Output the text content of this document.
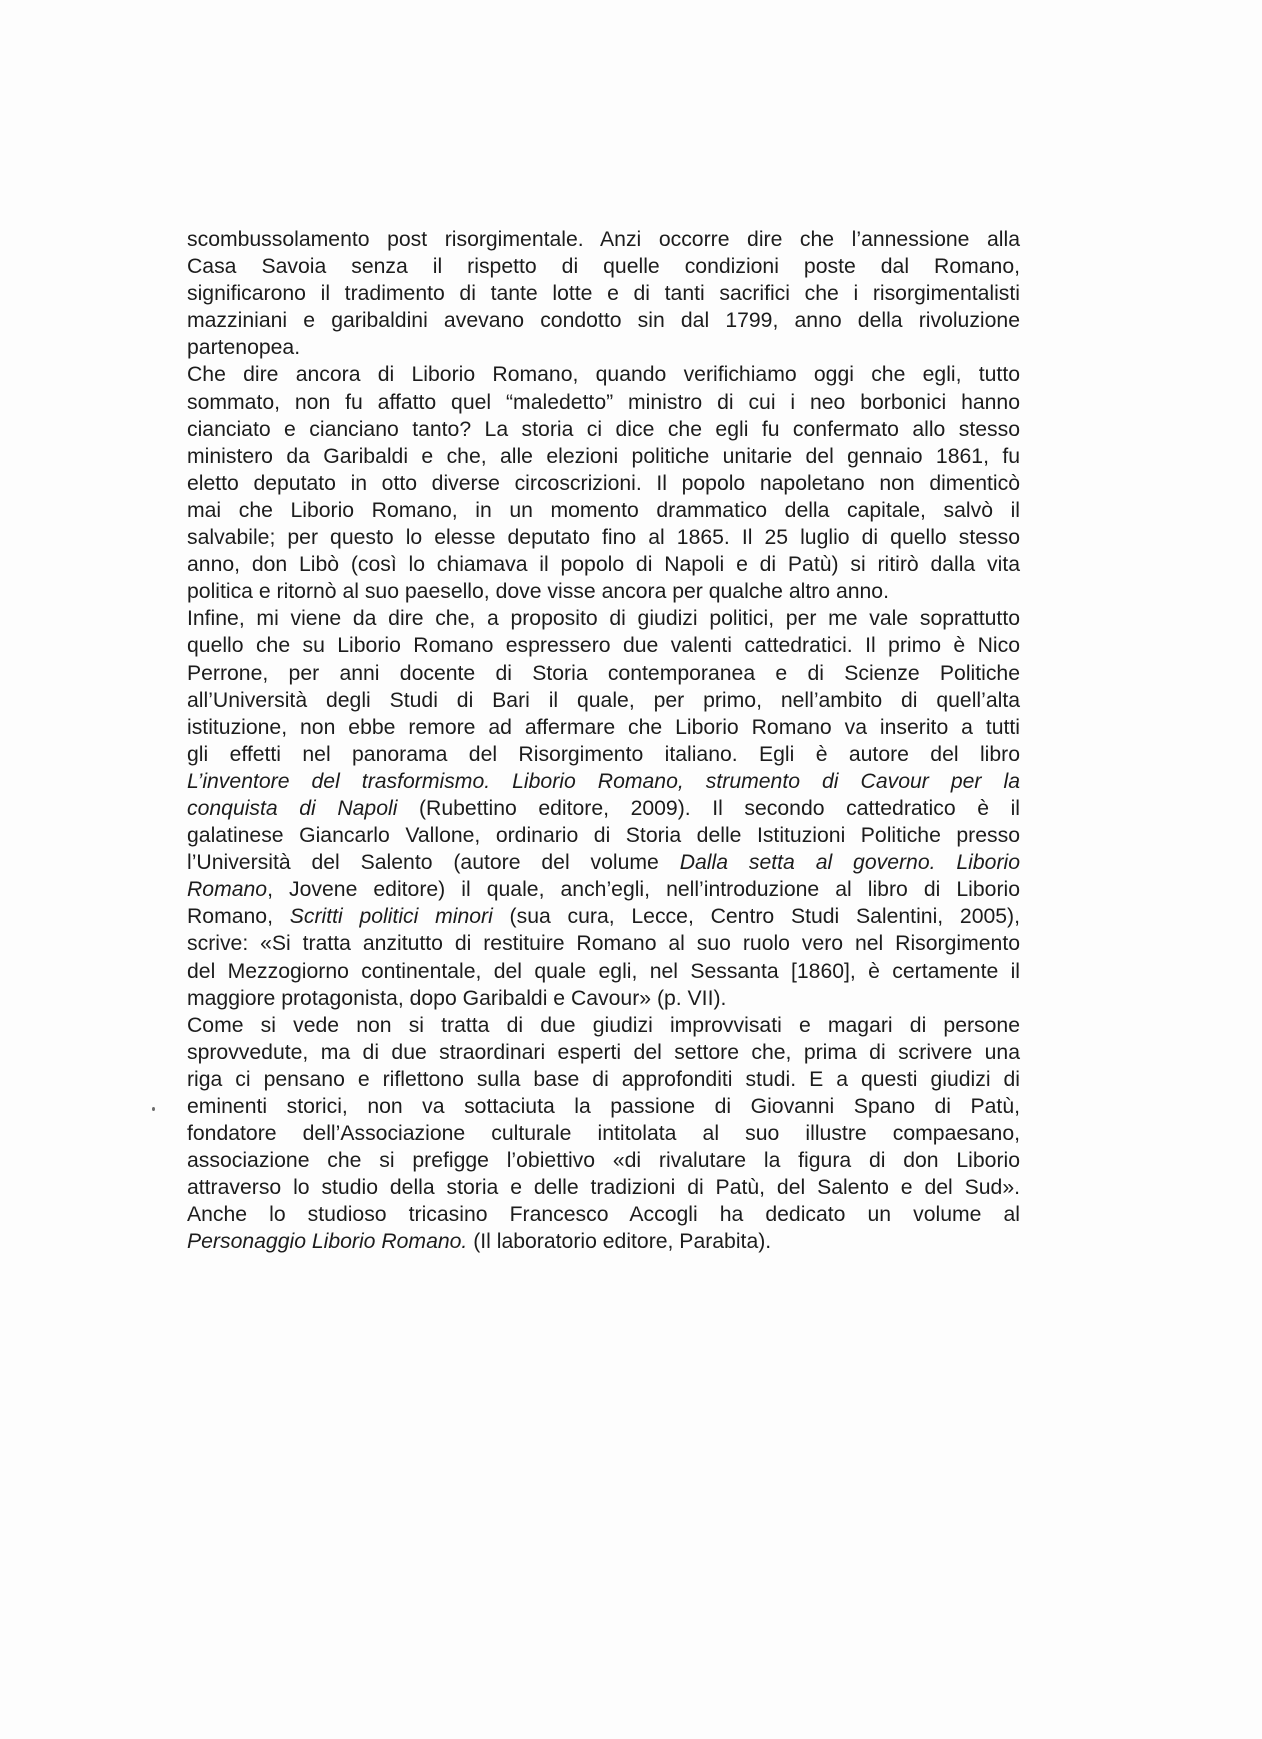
scombussolamento post risorgimentale. Anzi occorre dire che l’annessione alla
Casa Savoia senza il rispetto di quelle condizioni poste dal Romano,
significarono il tradimento di tante lotte e di tanti sacrifici che i risorgimentalisti
mazziniani e garibaldini avevano condotto sin dal 1799, anno della rivoluzione
partenopea.
Che dire ancora di Liborio Romano, quando verifichiamo oggi che egli, tutto
sommato, non fu affatto quel “maledetto” ministro di cui i neo borbonici hanno
cianciato e cianciano tanto? La storia ci dice che egli fu confermato allo stesso
ministero da Garibaldi e che, alle elezioni politiche unitarie del gennaio 1861, fu
eletto deputato in otto diverse circoscrizioni. Il popolo napoletano non dimenticò
mai che Liborio Romano, in un momento drammatico della capitale, salvò il
salvabile; per questo lo elesse deputato fino al 1865. Il 25 luglio di quello stesso
anno, don Libò (così lo chiamava il popolo di Napoli e di Patù) si ritirò dalla vita
politica e ritornò al suo paesello, dove visse ancora per qualche altro anno.
Infine, mi viene da dire che, a proposito di giudizi politici, per me vale soprattutto
quello che su Liborio Romano espressero due valenti cattedratici. Il primo è Nico
Perrone, per anni docente di Storia contemporanea e di Scienze Politiche
all’Università degli Studi di Bari il quale, per primo, nell’ambito di quell’alta
istituzione, non ebbe remore ad affermare che Liborio Romano va inserito a tutti
gli effetti nel panorama del Risorgimento italiano. Egli è autore del libro
L’inventore del trasformismo. Liborio Romano, strumento di Cavour per la
conquista di Napoli (Rubettino editore, 2009). Il secondo cattedratico è il
galatinese Giancarlo Vallone, ordinario di Storia delle Istituzioni Politiche presso
l’Università del Salento (autore del volume Dalla setta al governo. Liborio
Romano, Jovene editore) il quale, anch’egli, nell’introduzione al libro di Liborio
Romano, Scritti politici minori (sua cura, Lecce, Centro Studi Salentini, 2005),
scrive: «Si tratta anzitutto di restituire Romano al suo ruolo vero nel Risorgimento
del Mezzogiorno continentale, del quale egli, nel Sessanta [1860], è certamente il
maggiore protagonista, dopo Garibaldi e Cavour» (p. VII).
Come si vede non si tratta di due giudizi improvvisati e magari di persone
sprovvedute, ma di due straordinari esperti del settore che, prima di scrivere una
riga ci pensano e riflettono sulla base di approfonditi studi. E a questi giudizi di
eminenti storici, non va sottaciuta la passione di Giovanni Spano di Patù,
fondatore dell’Associazione culturale intitolata al suo illustre compaesano,
associazione che si prefigge l’obiettivo «di rivalutare la figura di don Liborio
attraverso lo studio della storia e delle tradizioni di Patù, del Salento e del Sud».
Anche lo studioso tricasino Francesco Accogli ha dedicato un volume al
Personaggio Liborio Romano. (Il laboratorio editore, Parabita).
